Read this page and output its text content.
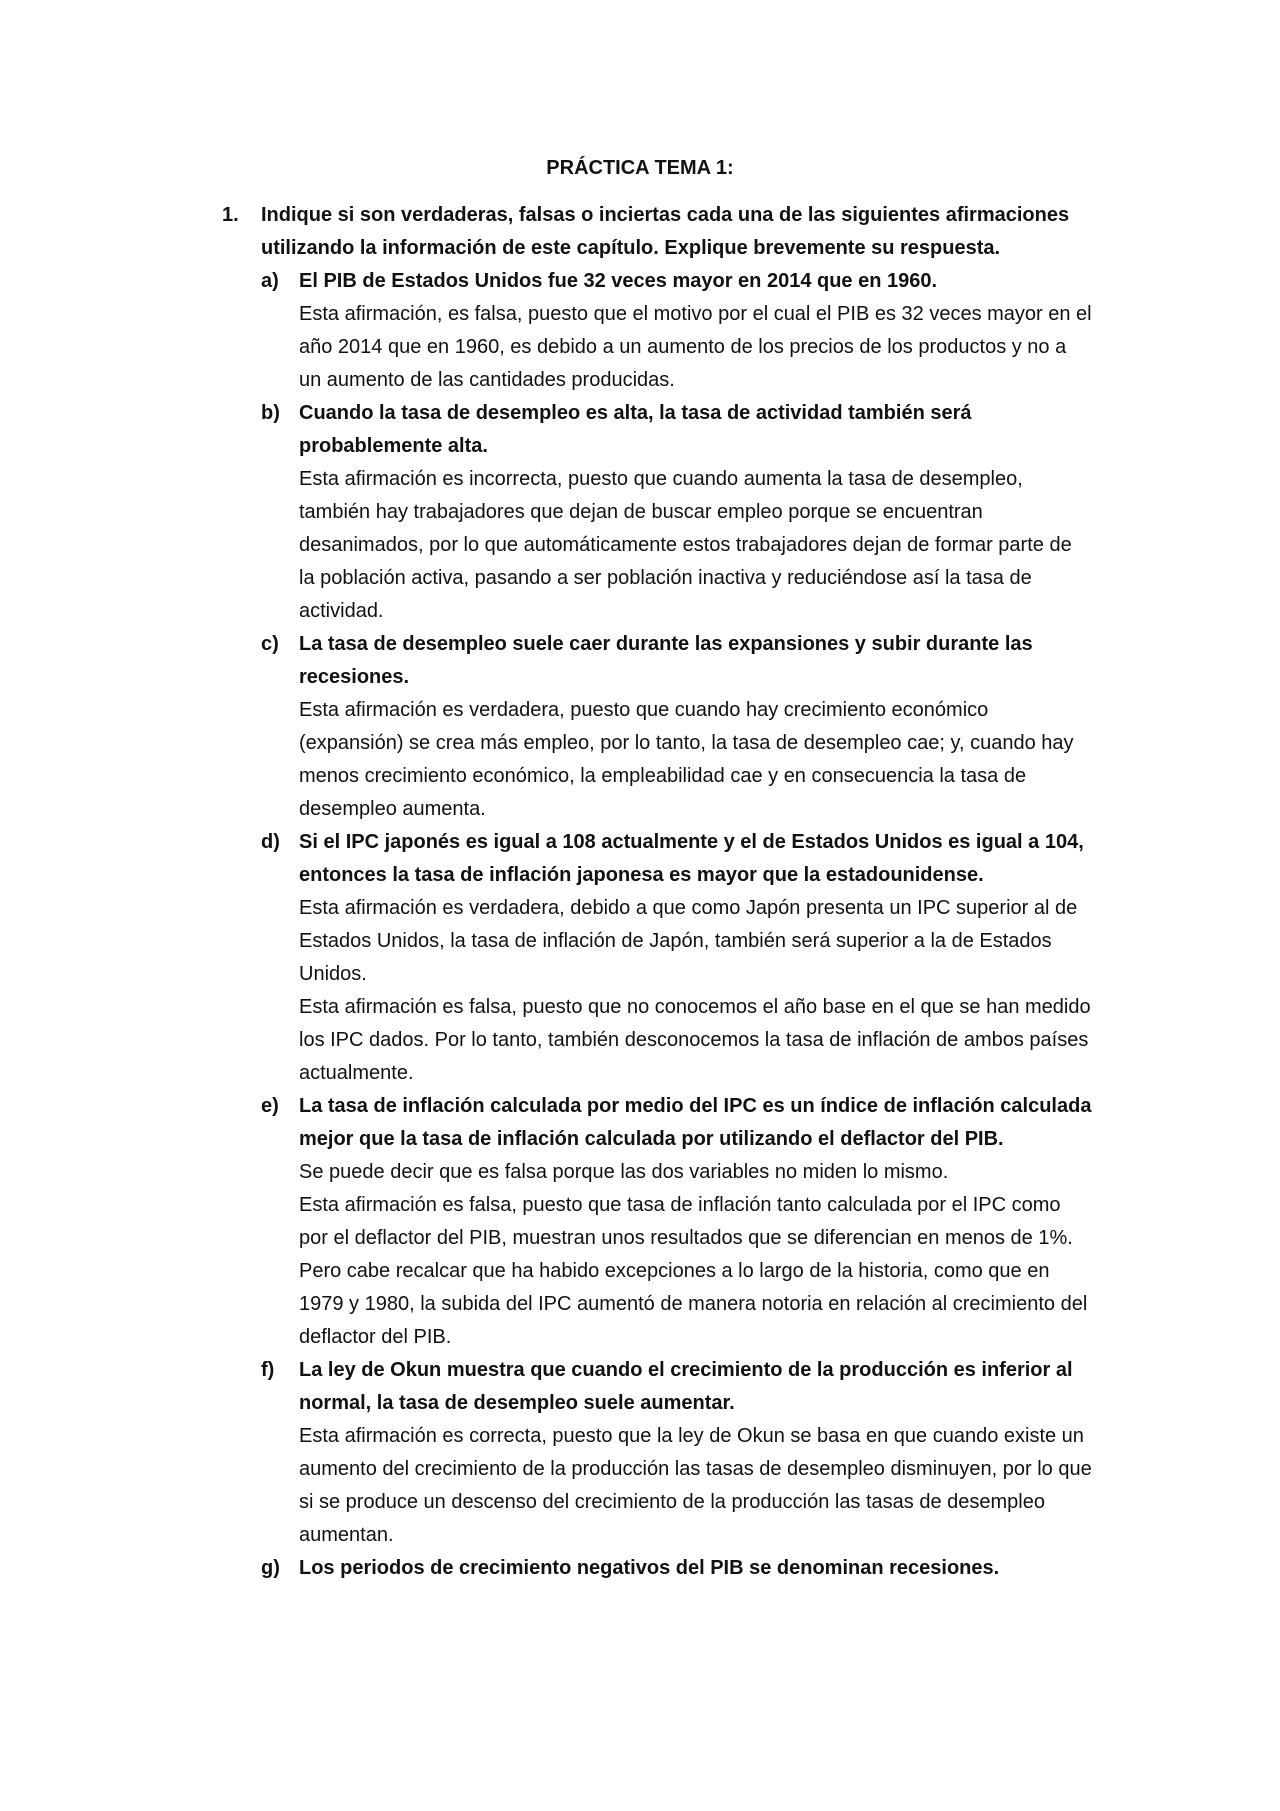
PRÁCTICA TEMA 1:
1. Indique si son verdaderas, falsas o inciertas cada una de las siguientes afirmaciones utilizando la información de este capítulo. Explique brevemente su respuesta.
a) El PIB de Estados Unidos fue 32 veces mayor en 2014 que en 1960.
Esta afirmación, es falsa, puesto que el motivo por el cual el PIB es 32 veces mayor en el año 2014 que en 1960, es debido a un aumento de los precios de los productos y no a un aumento de las cantidades producidas.
b) Cuando la tasa de desempleo es alta, la tasa de actividad también será probablemente alta.
Esta afirmación es incorrecta, puesto que cuando aumenta la tasa de desempleo, también hay trabajadores que dejan de buscar empleo porque se encuentran desanimados, por lo que automáticamente estos trabajadores dejan de formar parte de la población activa, pasando a ser población inactiva y reduciéndose así la tasa de actividad.
c) La tasa de desempleo suele caer durante las expansiones y subir durante las recesiones.
Esta afirmación es verdadera, puesto que cuando hay crecimiento económico (expansión) se crea más empleo, por lo tanto, la tasa de desempleo cae; y, cuando hay menos crecimiento económico, la empleabilidad cae y en consecuencia la tasa de desempleo aumenta.
d) Si el IPC japonés es igual a 108 actualmente y el de Estados Unidos es igual a 104, entonces la tasa de inflación japonesa es mayor que la estadounidense.
Esta afirmación es verdadera, debido a que como Japón presenta un IPC superior al de Estados Unidos, la tasa de inflación de Japón, también será superior a la de Estados Unidos.
Esta afirmación es falsa, puesto que no conocemos el año base en el que se han medido los IPC dados. Por lo tanto, también desconocemos la tasa de inflación de ambos países actualmente.
e) La tasa de inflación calculada por medio del IPC es un índice de inflación calculada mejor que la tasa de inflación calculada por utilizando el deflactor del PIB.
Se puede decir que es falsa porque las dos variables no miden lo mismo.
Esta afirmación es falsa, puesto que tasa de inflación tanto calculada por el IPC como por el deflactor del PIB, muestran unos resultados que se diferencian en menos de 1%.
Pero cabe recalcar que ha habido excepciones a lo largo de la historia, como que en 1979 y 1980, la subida del IPC aumentó de manera notoria en relación al crecimiento del deflactor del PIB.
f) La ley de Okun muestra que cuando el crecimiento de la producción es inferior al normal, la tasa de desempleo suele aumentar.
Esta afirmación es correcta, puesto que la ley de Okun se basa en que cuando existe un aumento del crecimiento de la producción las tasas de desempleo disminuyen, por lo que si se produce un descenso del crecimiento de la producción las tasas de desempleo aumentan.
g) Los periodos de crecimiento negativos del PIB se denominan recesiones.
